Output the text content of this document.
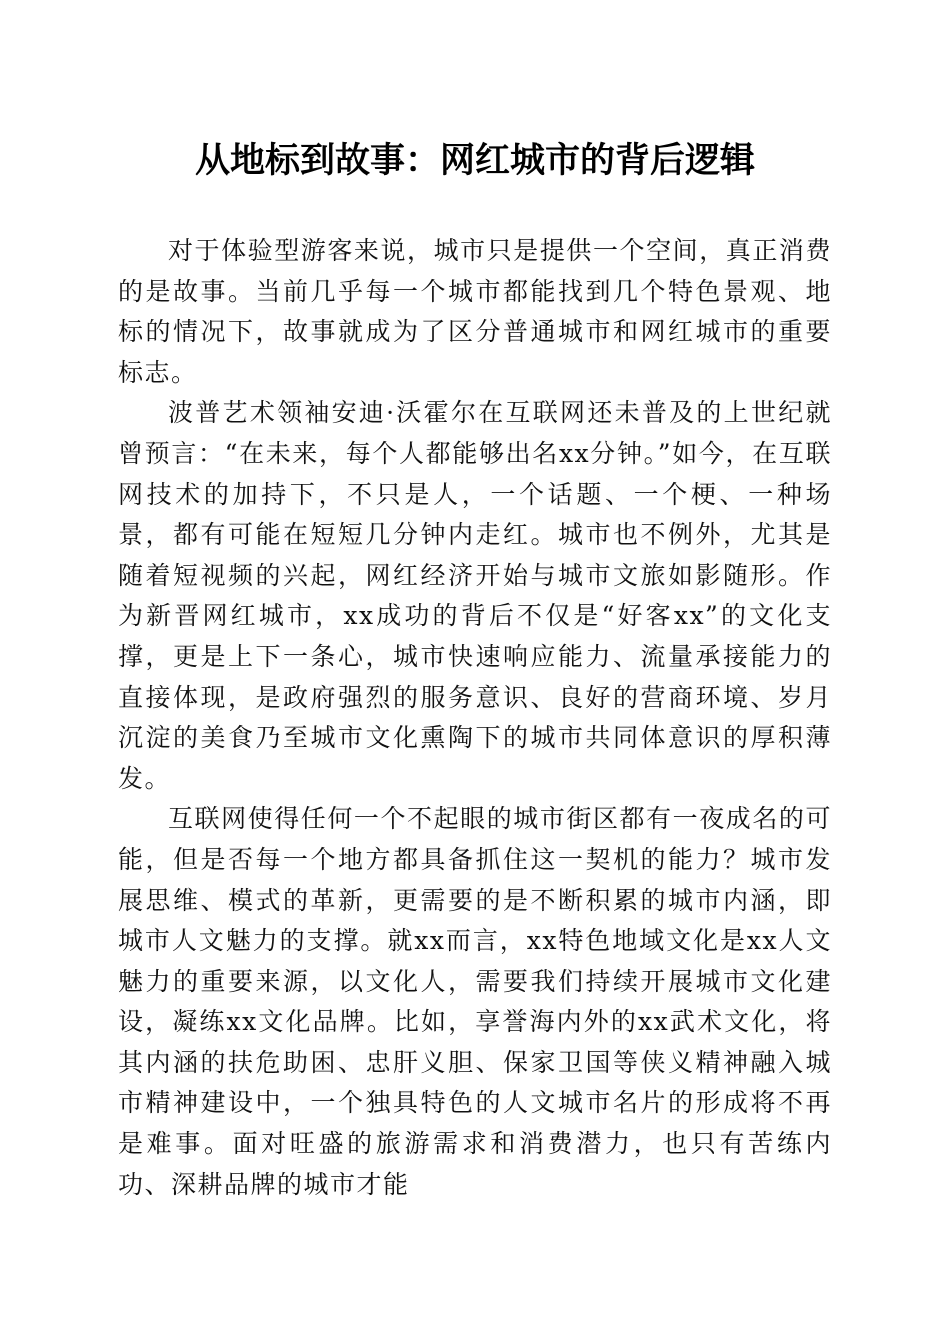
从地标到故事：网红城市的背后逻辑

对于体验型游客来说，城市只是提供一个空间，真正消费的是故事。当前几乎每一个城市都能找到几个特色景观、地标的情况下，故事就成为了区分普通城市和网红城市的重要标志。

波普艺术领袖安迪·沃霍尔在互联网还未普及的上世纪就曾预言：“在未来，每个人都能够出名xx分钟。”如今，在互联网技术的加持下，不只是人，一个话题、一个梗、一种场景，都有可能在短短几分钟内走红。城市也不例外，尤其是随着短视频的兴起，网红经济开始与城市文旅如影随形。作为新晋网红城市，xx成功的背后不仅是“好客xx”的文化支撑，更是上下一条心，城市快速响应能力、流量承接能力的直接体现，是政府强烈的服务意识、良好的营商环境、岁月沉淀的美食乃至城市文化熏陶下的城市共同体意识的厚积薄发。

互联网使得任何一个不起眼的城市街区都有一夜成名的可能，但是否每一个地方都具备抓住这一契机的能力？城市发展思维、模式的革新，更需要的是不断积累的城市内涵，即城市人文魅力的支撑。就xx而言，xx特色地域文化是xx人文魅力的重要来源，以文化人，需要我们持续开展城市文化建设，凝练xx文化品牌。比如，享誉海内外的xx武术文化，将其内涵的扶危助困、忠肝义胆、保家卫国等侠义精神融入城市精神建设中，一个独具特色的人文城市名片的形成将不再是难事。面对旺盛的旅游需求和消费潜力，也只有苦练内功、深耕品牌的城市才能
